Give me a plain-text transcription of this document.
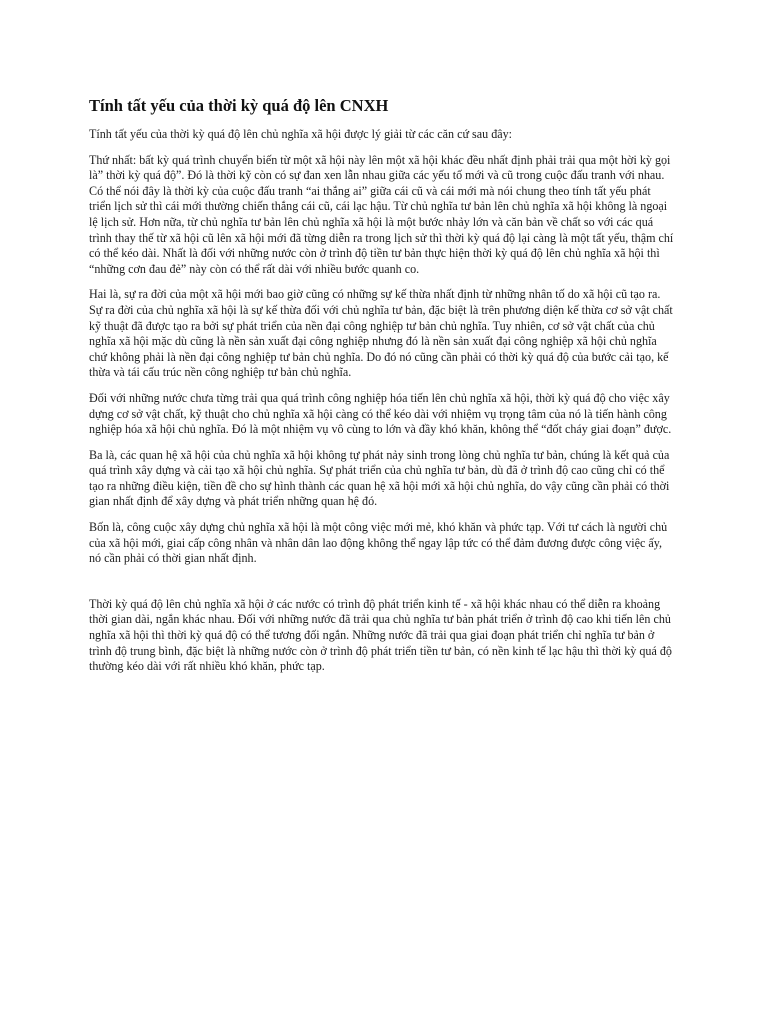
Tính tất yếu của thời kỳ quá độ lên CNXH

Tính tất yếu của thời kỳ quá độ lên chủ nghĩa xã hội được lý giải từ các căn cứ sau đây:

Thứ nhất: bất kỳ quá trình chuyển biến từ một xã hội này lên một xã hội khác đều nhất định phải trải qua một hời kỳ gọi là” thời kỳ quá độ”. Đó là thời kỹ còn có sự đan xen lẫn nhau giữa các yếu tố mới và cũ trong cuộc đấu tranh với nhau. Có thể nói đây là thời kỳ của cuộc đấu tranh “ai thắng ai” giữa cái cũ và cái mới mà nói chung theo tính tất yếu phát triển lịch sử thì cái mới thường chiến thắng cái cũ, cái lạc hậu. Từ chủ nghĩa tư bản lên chủ nghĩa xã hội không là ngoại lệ lịch sử. Hơn nữa, từ chủ nghĩa tư bản lên chủ nghĩa xã hội là một bước nhảy lớn và căn bản về chất so với các quá trình thay thế từ xã hội cũ lên xã hội mới đã từng diễn ra trong lịch sử thì thời kỳ quá độ lại càng là một tất yếu, thậm chí có thể kéo dài. Nhất là đối với những nước còn ở trình độ tiền tư bản thực hiện thời kỳ quá độ lên chủ nghĩa xã hội thì “những cơn đau đẻ” này còn có thể rất dài với nhiều bước quanh co.

Hai là, sự ra đời của một xã hội mới bao giờ cũng có những sự kế thừa nhất định từ những nhân tố do xã hội cũ tạo ra. Sự ra đời của chủ nghĩa xã hội là sự kế thừa đối với chủ nghĩa tư bản, đặc biệt là trên phương diện kế thừa cơ sở vật chất kỹ thuật đã được tạo ra bởi sự phát triển của nền đại công nghiệp tư bản chủ nghĩa. Tuy nhiên, cơ sở vật chất của chủ nghĩa xã hội mặc dù cũng là nền sản xuất đại công nghiệp nhưng đó là nền sản xuất đại công nghiệp xã hội chủ nghĩa chứ không phải là nền đại công nghiệp tư bản chủ nghĩa. Do đó nó cũng cần phải có thời kỳ quá độ của bước cải tạo, kế thừa và tái cấu trúc nền công nghiệp tư bản chủ nghĩa.

Đối với những nước chưa từng trải qua quá trình công nghiệp hóa tiến lên chủ nghĩa xã hội, thời kỳ quá độ cho việc xây dựng cơ sở vật chất, kỹ thuật cho chủ nghĩa xã hội càng có thể kéo dài với nhiệm vụ trọng tâm của nó là tiến hành công nghiệp hóa xã hội chủ nghĩa. Đó là một nhiệm vụ vô cùng to lớn và đầy khó khăn, không thể “đốt cháy giai đoạn” được.

Ba là, các quan hệ xã hội của chủ nghĩa xã hội không tự phát nảy sinh trong lòng chủ nghĩa tư bản, chúng là kết quả của quá trình xây dựng và cải tạo xã hội chủ nghĩa. Sự phát triển của chủ nghĩa tư bản, dù đã ở trình độ cao cũng chỉ có thể tạo ra những điều kiện, tiền đề cho sự hình thành các quan hệ xã hội mới xã hội chủ nghĩa, do vậy cũng cần phải có thời gian nhất định để xây dựng và phát triển những quan hệ đó.

Bốn là, công cuộc xây dựng chủ nghĩa xã hội là một công việc mới mẻ, khó khăn và phức tạp. Với tư cách là người chủ của xã hội mới, giai cấp công nhân và nhân dân lao động không thể ngay lập tức có thể đảm đương được công việc ấy, nó cần phải có thời gian nhất định.

Thời kỳ quá độ lên chủ nghĩa xã hội ở các nước có trình độ phát triển kinh tế - xã hội khác nhau có thể diễn ra khoảng thời gian dài, ngắn khác nhau. Đối với những nước đã trải qua chủ nghĩa tư bản phát triển ở trình độ cao khi tiến lên chủ nghĩa xã hội thì thời kỳ quá độ có thể tương đối ngắn. Những nước đã trải qua giai đoạn phát triển chỉ nghĩa tư bản ở trình độ trung bình, đặc biệt là những nước còn ở trình độ phát triển tiền tư bản, có nền kinh tế lạc hậu thì thời kỳ quá độ thường kéo dài với rất nhiều khó khăn, phức tạp.
